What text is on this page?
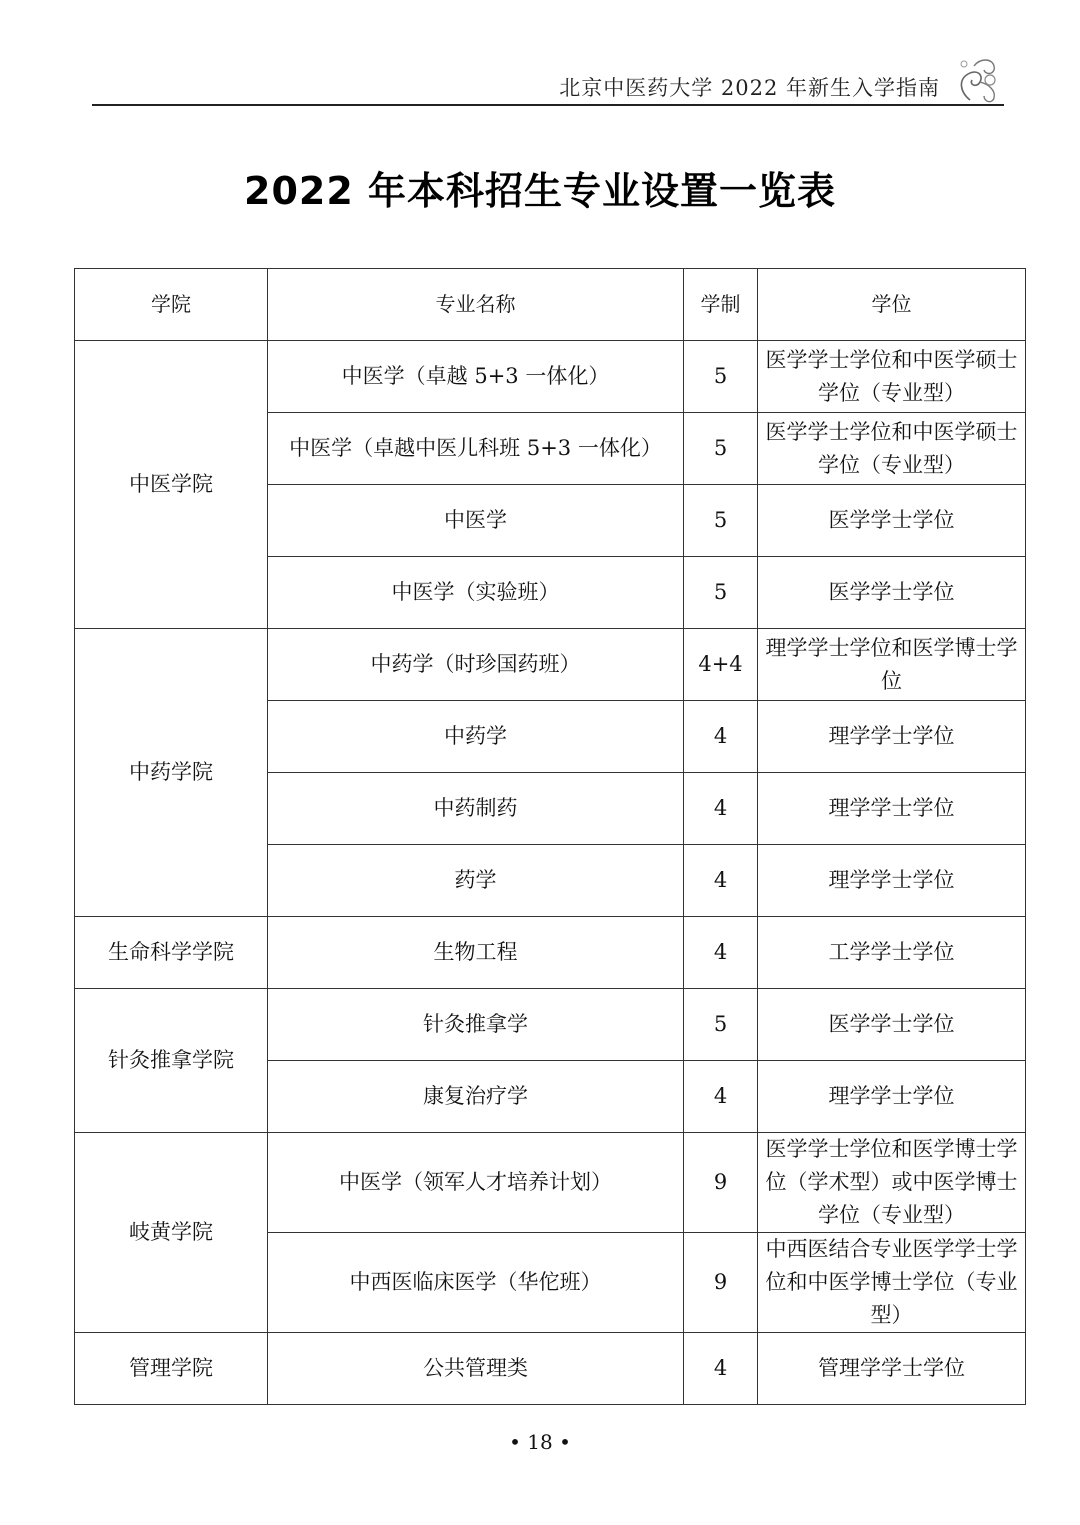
北京中医药大学 2022 年新生入学指南
2022 年本科招生专业设置一览表
学院	专业名称	学制	学位
中医学院	中医学（卓越 5+3 一体化）	5	医学学士学位和中医学硕士学位（专业型）
	中医学（卓越中医儿科班 5+3 一体化）	5	医学学士学位和中医学硕士学位（专业型）
	中医学	5	医学学士学位
	中医学（实验班）	5	医学学士学位
中药学院	中药学（时珍国药班）	4+4	理学学士学位和医学博士学位
	中药学	4	理学学士学位
	中药制药	4	理学学士学位
	药学	4	理学学士学位
生命科学学院	生物工程	4	工学学士学位
针灸推拿学院	针灸推拿学	5	医学学士学位
	康复治疗学	4	理学学士学位
岐黄学院	中医学（领军人才培养计划）	9	医学学士学位和医学博士学位（学术型）或中医学博士学位（专业型）
	中西医临床医学（华佗班）	9	中西医结合专业医学学士学位和中医学博士学位（专业型）
管理学院	公共管理类	4	管理学学士学位
• 18 •
